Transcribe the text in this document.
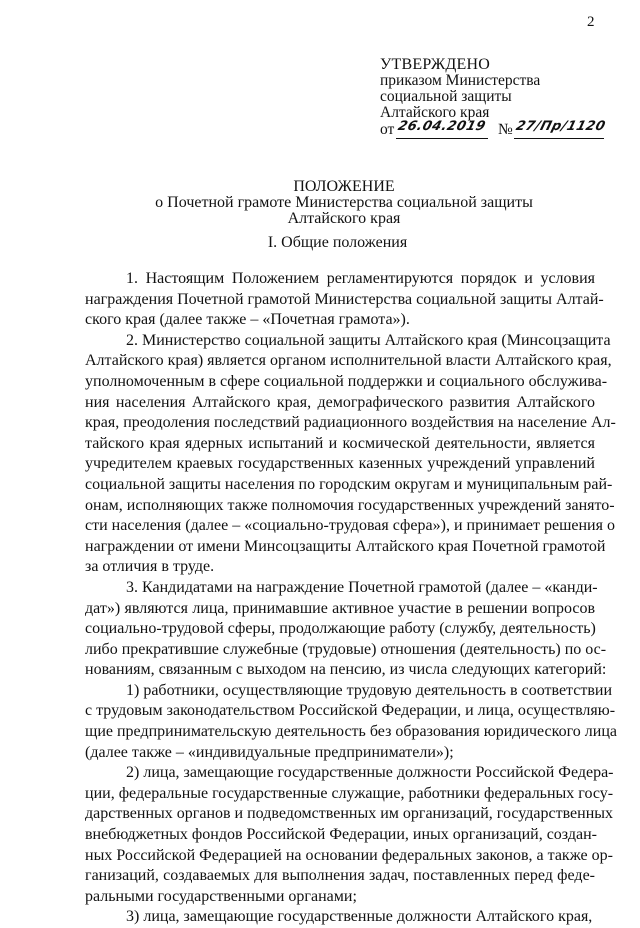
2
УТВЕРЖДЕНО
приказом Министерства
социальной защиты
Алтайского края
от 26.04.2019 № 27/Пр/1120
ПОЛОЖЕНИЕ
о Почетной грамоте Министерства социальной защиты
Алтайского края
I. Общие положения
1. Настоящим Положением регламентируются порядок и условия
награждения Почетной грамотой Министерства социальной защиты Алтай-
ского края (далее также – «Почетная грамота»).
2. Министерство социальной защиты Алтайского края (Минсоцзащита
Алтайского края) является органом исполнительной власти Алтайского края,
уполномоченным в сфере социальной поддержки и социального обслужива-
ния населения Алтайского края, демографического развития Алтайского
края, преодоления последствий радиационного воздействия на население Ал-
тайского края ядерных испытаний и космической деятельности, является
учредителем краевых государственных казенных учреждений управлений
социальной защиты населения по городским округам и муниципальным рай-
онам, исполняющих также полномочия государственных учреждений занято-
сти населения (далее – «социально-трудовая сфера»), и принимает решения о
награждении от имени Минсоцзащиты Алтайского края Почетной грамотой
за отличия в труде.
3. Кандидатами на награждение Почетной грамотой (далее – «канди-
дат») являются лица, принимавшие активное участие в решении вопросов
социально-трудовой сферы, продолжающие работу (службу, деятельность)
либо прекратившие служебные (трудовые) отношения (деятельность) по ос-
нованиям, связанным с выходом на пенсию, из числа следующих категорий:
1) работники, осуществляющие трудовую деятельность в соответствии
с трудовым законодательством Российской Федерации, и лица, осуществляю-
щие предпринимательскую деятельность без образования юридического лица
(далее также – «индивидуальные предприниматели»);
2) лица, замещающие государственные должности Российской Федера-
ции, федеральные государственные служащие, работники федеральных госу-
дарственных органов и подведомственных им организаций, государственных
внебюджетных фондов Российской Федерации, иных организаций, создан-
ных Российской Федерацией на основании федеральных законов, а также ор-
ганизаций, создаваемых для выполнения задач, поставленных перед феде-
ральными государственными органами;
3) лица, замещающие государственные должности Алтайского края,
